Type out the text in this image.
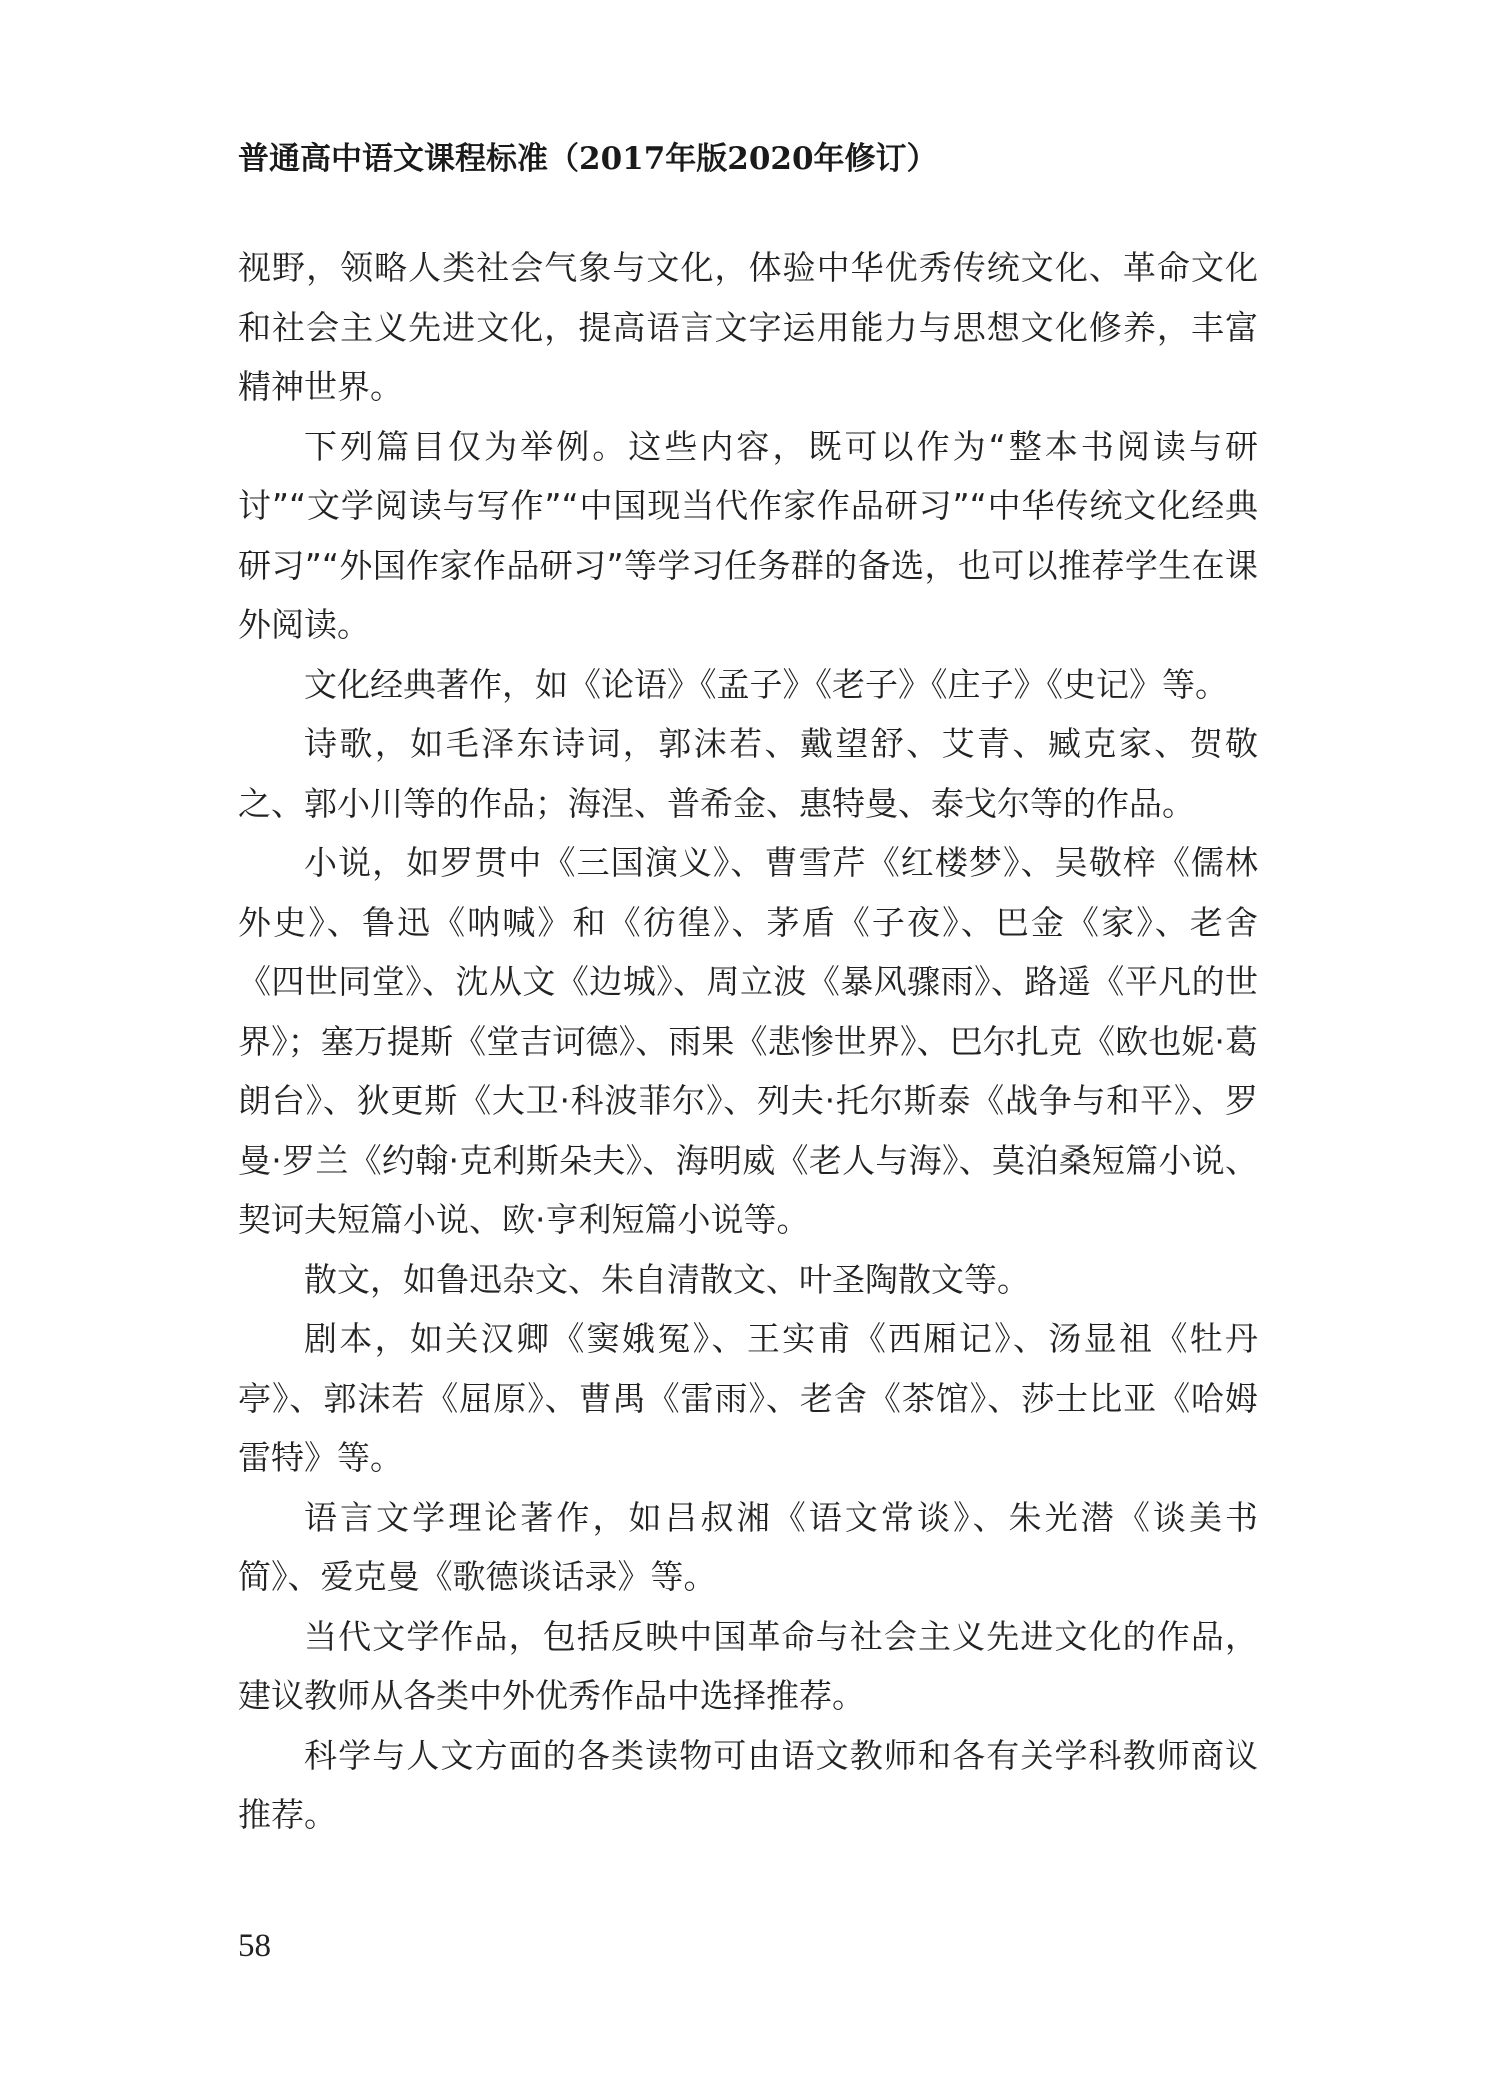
普通高中语文课程标准（2017年版2020年修订）

视野，领略人类社会气象与文化，体验中华优秀传统文化、革命文化和社会主义先进文化，提高语言文字运用能力与思想文化修养，丰富精神世界。

下列篇目仅为举例。这些内容，既可以作为“整本书阅读与研讨”“文学阅读与写作”“中国现当代作家作品研习”“中华传统文化经典研习”“外国作家作品研习”等学习任务群的备选，也可以推荐学生在课外阅读。

文化经典著作，如《论语》《孟子》《老子》《庄子》《史记》等。

诗歌，如毛泽东诗词，郭沫若、戴望舒、艾青、臧克家、贺敬之、郭小川等的作品；海涅、普希金、惠特曼、泰戈尔等的作品。

小说，如罗贯中《三国演义》、曹雪芹《红楼梦》、吴敬梓《儒林外史》、鲁迅《呐喊》和《彷徨》、茅盾《子夜》、巴金《家》、老舍《四世同堂》、沈从文《边城》、周立波《暴风骤雨》、路遥《平凡的世界》；塞万提斯《堂吉诃德》、雨果《悲惨世界》、巴尔扎克《欧也妮·葛朗台》、狄更斯《大卫·科波菲尔》、列夫·托尔斯泰《战争与和平》、罗曼·罗兰《约翰·克利斯朵夫》、海明威《老人与海》、莫泊桑短篇小说、契诃夫短篇小说、欧·亨利短篇小说等。

散文，如鲁迅杂文、朱自清散文、叶圣陶散文等。

剧本，如关汉卿《窦娥冤》、王实甫《西厢记》、汤显祖《牡丹亭》、郭沫若《屈原》、曹禺《雷雨》、老舍《茶馆》、莎士比亚《哈姆雷特》等。

语言文学理论著作，如吕叔湘《语文常谈》、朱光潜《谈美书简》、爱克曼《歌德谈话录》等。

当代文学作品，包括反映中国革命与社会主义先进文化的作品，建议教师从各类中外优秀作品中选择推荐。

科学与人文方面的各类读物可由语文教师和各有关学科教师商议推荐。

58
